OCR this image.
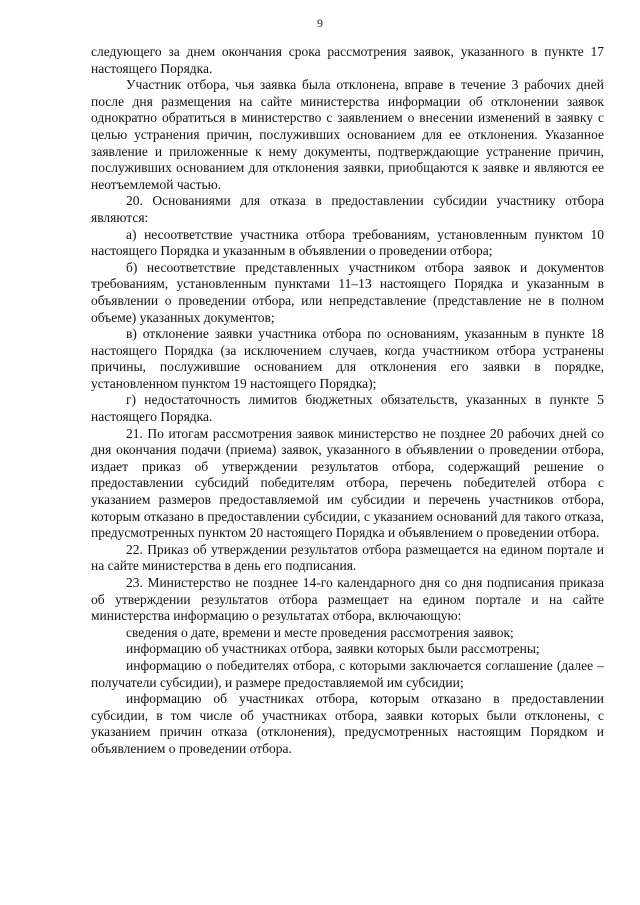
9

следующего за днем окончания срока рассмотрения заявок, указанного в пункте 17 настоящего Порядка.

Участник отбора, чья заявка была отклонена, вправе в течение 3 рабочих дней после дня размещения на сайте министерства информации об отклонении заявок однократно обратиться в министерство с заявлением о внесении изменений в заявку с целью устранения причин, послуживших основанием для ее отклонения. Указанное заявление и приложенные к нему документы, подтверждающие устранение причин, послуживших основанием для отклонения заявки, приобщаются к заявке и являются ее неотъемлемой частью.

20. Основаниями для отказа в предоставлении субсидии участнику отбора являются:

а) несоответствие участника отбора требованиям, установленным пунктом 10 настоящего Порядка и указанным в объявлении о проведении отбора;

б) несоответствие представленных участником отбора заявок и документов требованиям, установленным пунктами 11–13 настоящего Порядка и указанным в объявлении о проведении отбора, или непредставление (представление не в полном объеме) указанных документов;

в) отклонение заявки участника отбора по основаниям, указанным в пункте 18 настоящего Порядка (за исключением случаев, когда участником отбора устранены причины, послужившие основанием для отклонения его заявки в порядке, установленном пунктом 19 настоящего Порядка);

г) недостаточность лимитов бюджетных обязательств, указанных в пункте 5 настоящего Порядка.

21. По итогам рассмотрения заявок министерство не позднее 20 рабочих дней со дня окончания подачи (приема) заявок, указанного в объявлении о проведении отбора, издает приказ об утверждении результатов отбора, содержащий решение о предоставлении субсидий победителям отбора, перечень победителей отбора с указанием размеров предоставляемой им субсидии и перечень участников отбора, которым отказано в предоставлении субсидии, с указанием оснований для такого отказа, предусмотренных пунктом 20 настоящего Порядка и объявлением о проведении отбора.

22. Приказ об утверждении результатов отбора размещается на едином портале и на сайте министерства в день его подписания.

23. Министерство не позднее 14-го календарного дня со дня подписания приказа об утверждении результатов отбора размещает на едином портале и на сайте министерства информацию о результатах отбора, включающую:

сведения о дате, времени и месте проведения рассмотрения заявок;

информацию об участниках отбора, заявки которых были рассмотрены;

информацию о победителях отбора, с которыми заключается соглашение (далее – получатели субсидии), и размере предоставляемой им субсидии;

информацию об участниках отбора, которым отказано в предоставлении субсидии, в том числе об участниках отбора, заявки которых были отклонены, с указанием причин отказа (отклонения), предусмотренных настоящим Порядком и объявлением о проведении отбора.
